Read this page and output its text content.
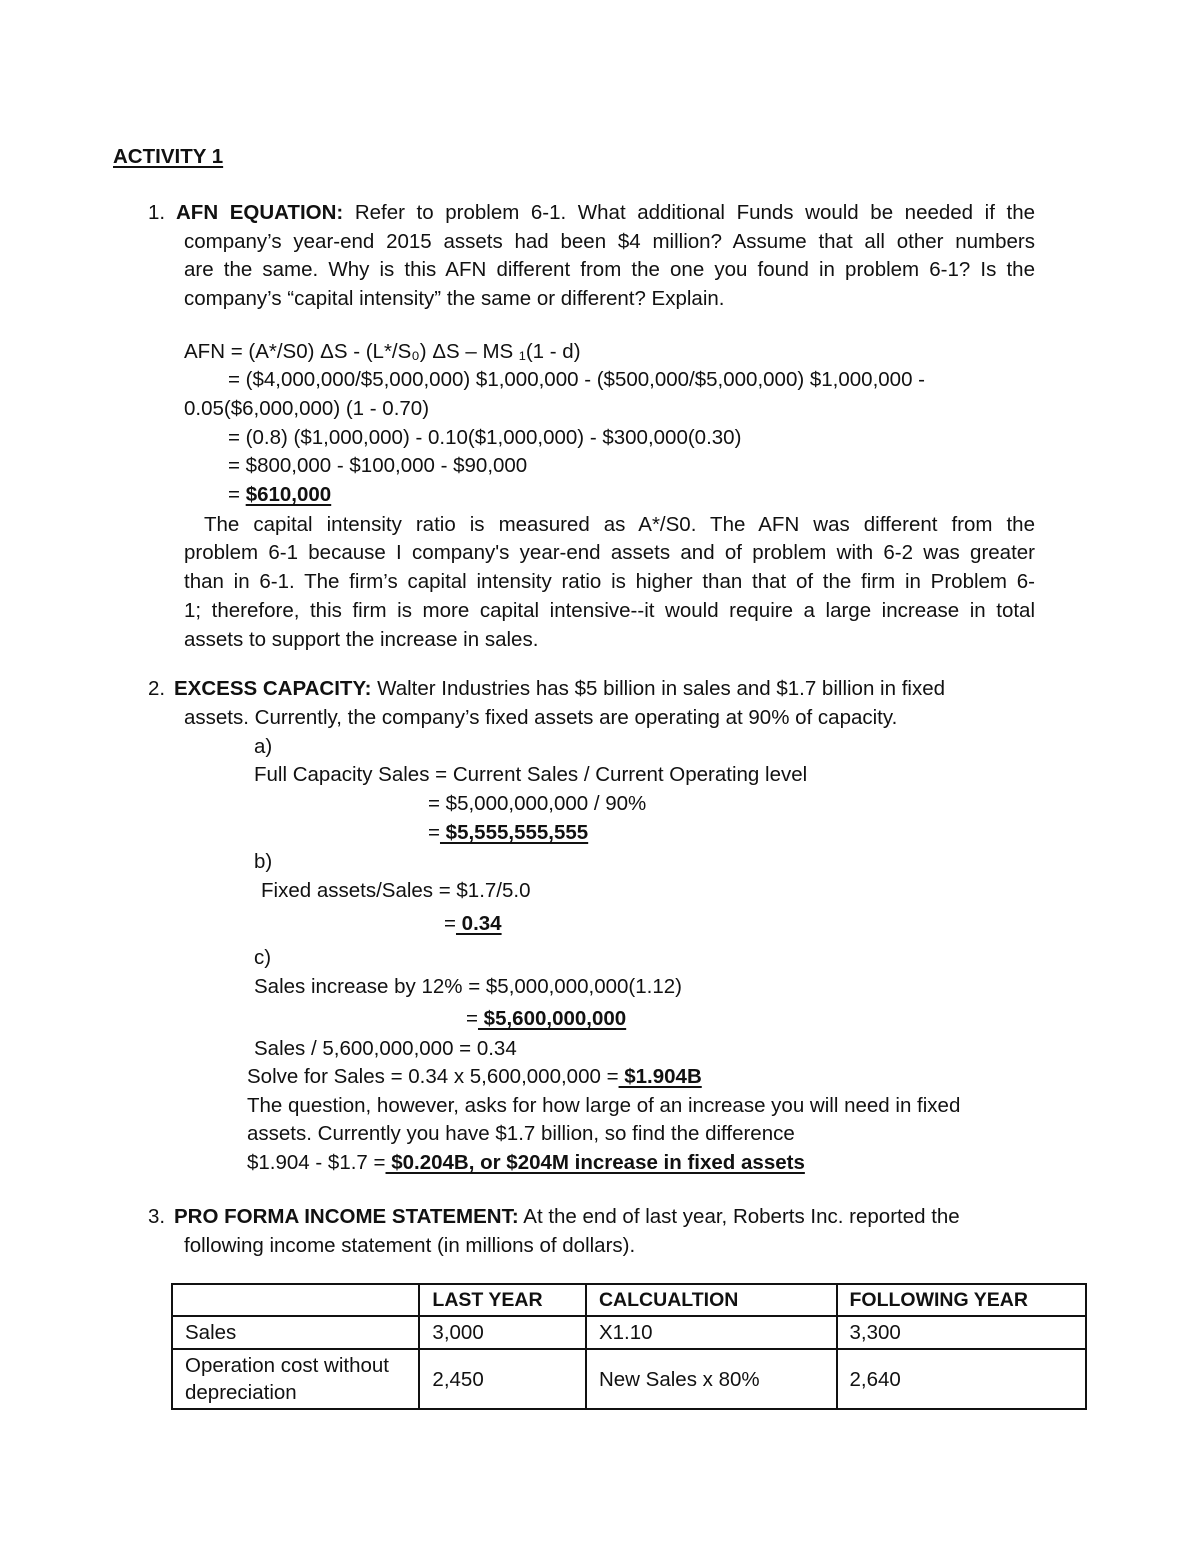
ACTIVITY 1
1. AFN EQUATION: Refer to problem 6-1. What additional Funds would be needed if the
company’s year-end 2015 assets had been $4 million? Assume that all other numbers
are the same. Why is this AFN different from the one you found in problem 6-1? Is the
company’s “capital intensity” the same or different? Explain.
AFN = (A*/S0) ΔS - (L*/S₀) ΔS – MS ₁(1 - d)
= ($4,000,000/$5,000,000) $1,000,000 - ($500,000/$5,000,000) $1,000,000 -
0.05($6,000,000) (1 - 0.70)
= (0.8) ($1,000,000) - 0.10($1,000,000) - $300,000(0.30)
= $800,000 - $100,000 - $90,000
= $610,000
The capital intensity ratio is measured as A*/S0. The AFN was different from the
problem 6-1 because I company's year-end assets and of problem with 6-2 was greater
than in 6-1. The firm’s capital intensity ratio is higher than that of the firm in Problem 6-
1; therefore, this firm is more capital intensive--it would require a large increase in total
assets to support the increase in sales.
2. EXCESS CAPACITY: Walter Industries has $5 billion in sales and $1.7 billion in fixed
assets. Currently, the company’s fixed assets are operating at 90% of capacity.
a)
Full Capacity Sales = Current Sales / Current Operating level
= $5,000,000,000 / 90%
= $5,555,555,555
b)
Fixed assets/Sales = $1.7/5.0
= 0.34
c)
Sales increase by 12% = $5,000,000,000(1.12)
= $5,600,000,000
Sales / 5,600,000,000 = 0.34
Solve for Sales = 0.34 x 5,600,000,000 = $1.904B
The question, however, asks for how large of an increase you will need in fixed
assets. Currently you have $1.7 billion, so find the difference
$1.904 - $1.7 = $0.204B, or $204M increase in fixed assets
3. PRO FORMA INCOME STATEMENT: At the end of last year, Roberts Inc. reported the
following income statement (in millions of dollars).
	LAST YEAR	CALCUALTION	FOLLOWING YEAR
Sales	3,000	X1.10	3,300
Operation cost without depreciation	2,450	New Sales x 80%	2,640
